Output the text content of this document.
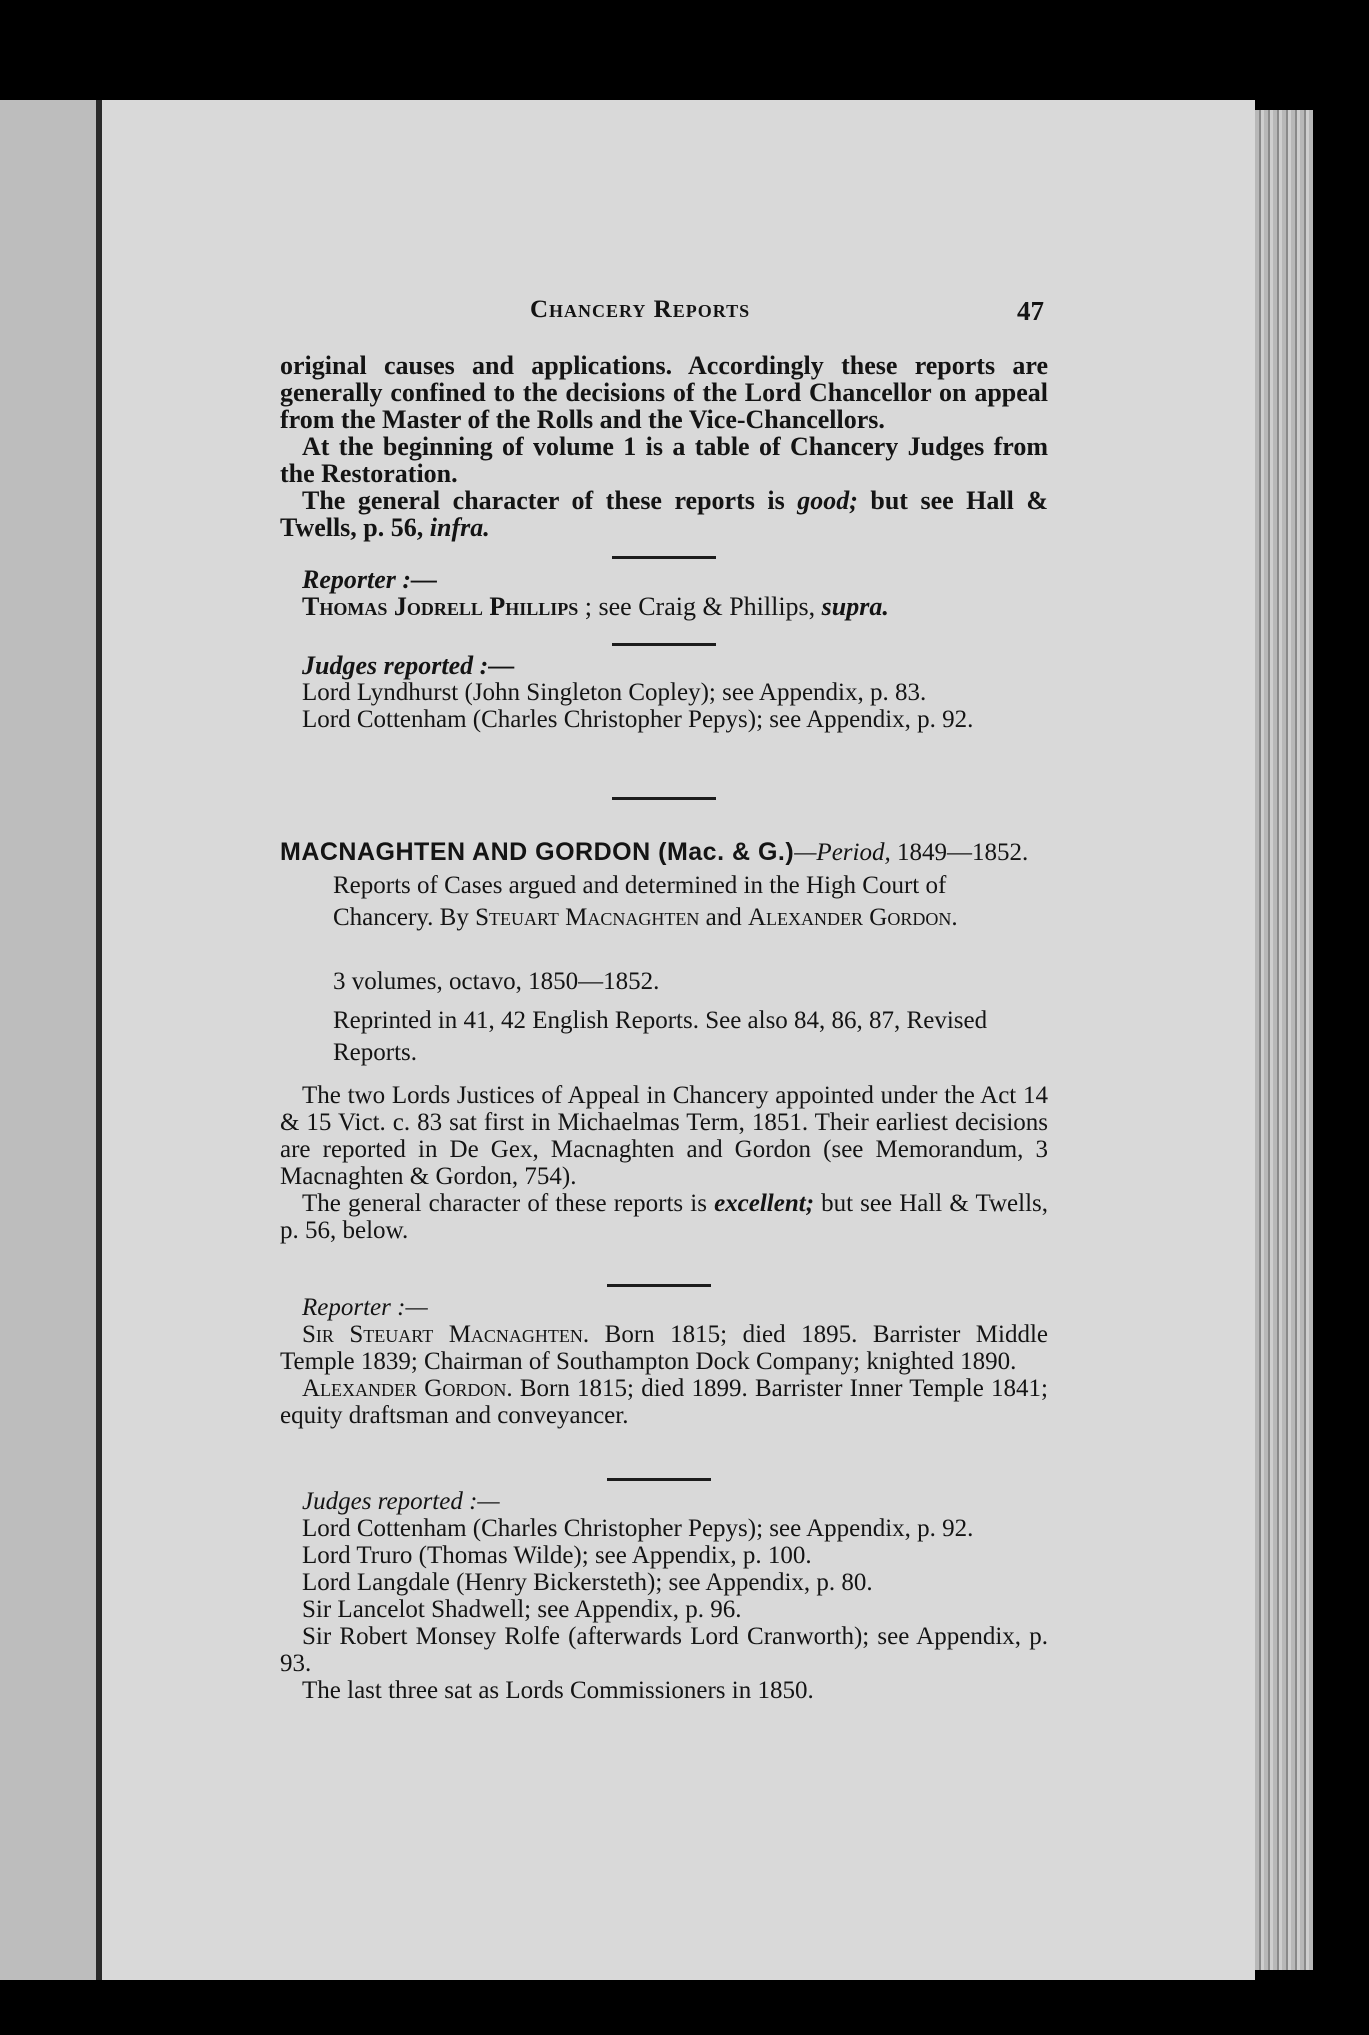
Chancery Reports	47

original causes and applications. Accordingly these reports are generally confined to the decisions of the Lord Chancellor on appeal from the Master of the Rolls and the Vice-Chancellors.

At the beginning of volume 1 is a table of Chancery Judges from the Restoration.

The general character of these reports is good; but see Hall & Twells, p. 56, infra.

Reporter :—

Thomas Jodrell Phillips ; see Craig & Phillips, supra.

Judges reported :—

Lord Lyndhurst (John Singleton Copley); see Appendix, p. 83.

Lord Cottenham (Charles Christopher Pepys); see Appendix, p. 92.

MACNAGHTEN AND GORDON (Mac. & G.)—Period, 1849—1852.
Reports of Cases argued and determined in the High Court of Chancery. By Steuart Macnaghten and Alexander Gordon.
3 volumes, octavo, 1850—1852.
Reprinted in 41, 42 English Reports. See also 84, 86, 87, Revised Reports.

The two Lords Justices of Appeal in Chancery appointed under the Act 14 & 15 Vict. c. 83 sat first in Michaelmas Term, 1851. Their earliest decisions are reported in De Gex, Macnaghten and Gordon (see Memorandum, 3 Macnaghten & Gordon, 754).

The general character of these reports is excellent; but see Hall & Twells, p. 56, below.

Reporter :—

Sir Steuart Macnaghten. Born 1815; died 1895. Barrister Middle Temple 1839; Chairman of Southampton Dock Company; knighted 1890.

Alexander Gordon. Born 1815; died 1899. Barrister Inner Temple 1841; equity draftsman and conveyancer.

Judges reported :—

Lord Cottenham (Charles Christopher Pepys); see Appendix, p. 92.

Lord Truro (Thomas Wilde); see Appendix, p. 100.

Lord Langdale (Henry Bickersteth); see Appendix, p. 80.

Sir Lancelot Shadwell; see Appendix, p. 96.

Sir Robert Monsey Rolfe (afterwards Lord Cranworth); see Appendix, p. 93.

The last three sat as Lords Commissioners in 1850.
